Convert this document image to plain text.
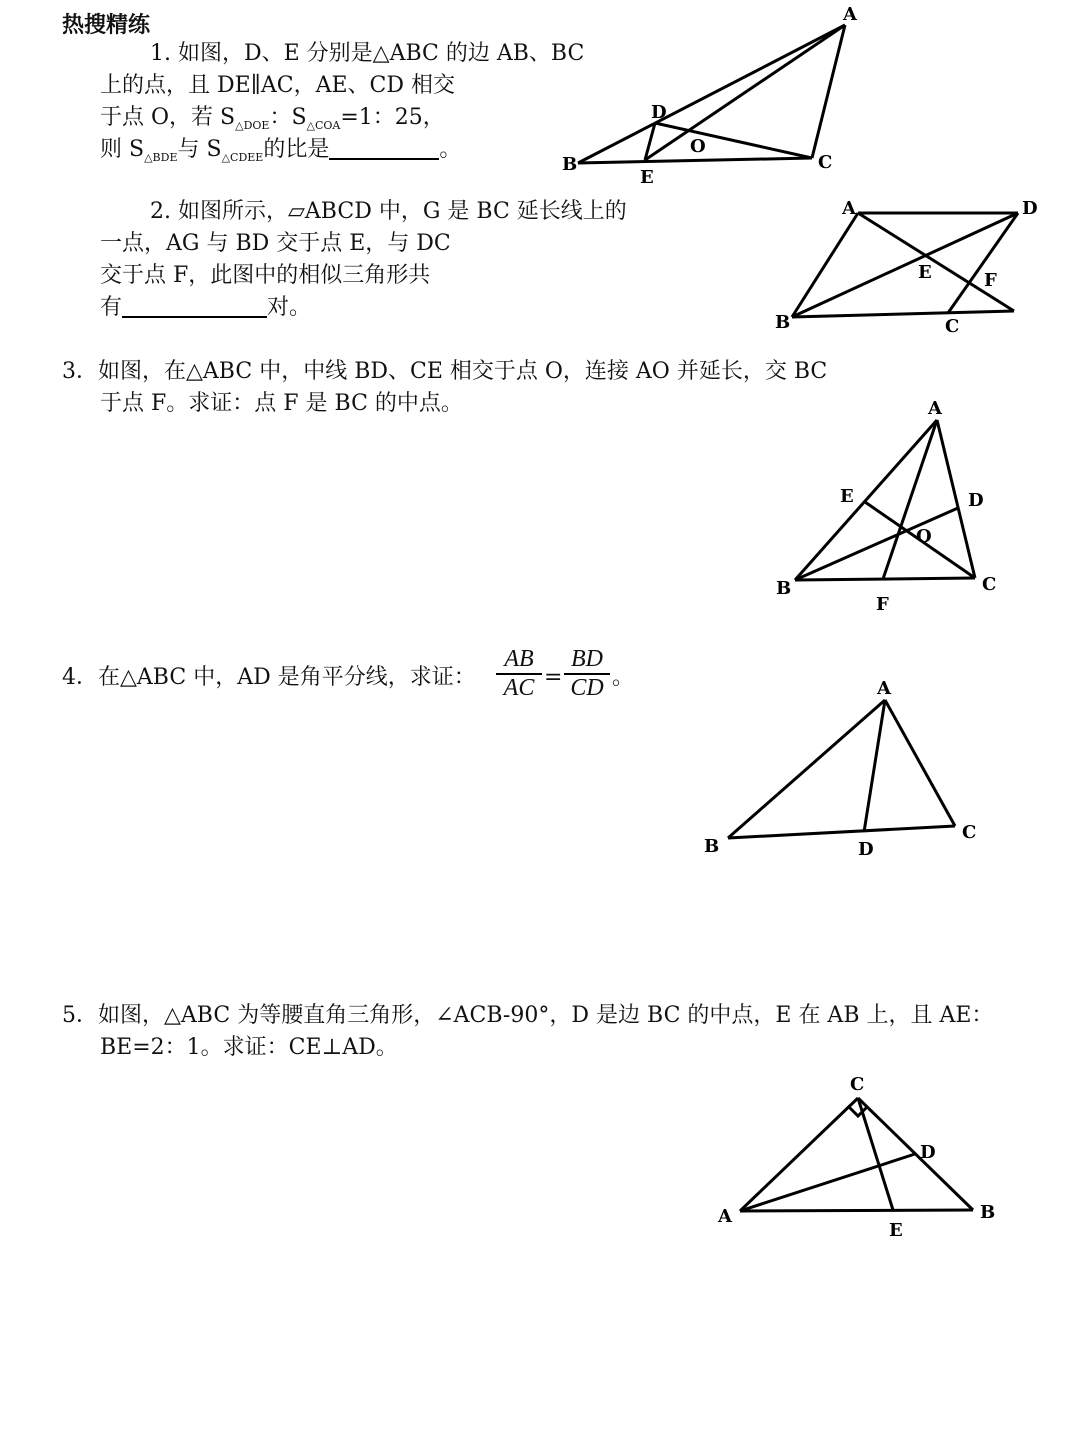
热搜精练
1. 如图，D、E 分别是△ABC 的边 AB、BC
上的点，且 DE∥AC，AE、CD 相交
于点 O，若 $S_{\triangle DOE}$：$S_{\triangle COA}=1$：25，
则 $S_{\triangle BDE}$与 $S_{\triangle CDEE}$的比是	。
A
B	C
D
E
O
2. 如图所示，▱ABCD 中，G 是 BC 延长线上的
一点，AG 与 BD 交于点 E，与 DC
交于点 F，此图中的相似三角形共
有	对。
A	D
B	C
E	F
3．如图，在△ABC 中，中线 BD、CE 相交于点 O，连接 AO 并延长，交 BC
于点 F。求证：点 F 是 BC 的中点。	A
B	C
D
E
F
O
4．在△ABC 中，AD 是角平分线，求证： $\frac{AB}{AC} = \frac{BD}{CD}$ 。	A
B
C
D
5．如图，△ABC 为等腰直角三角形，∠ACB-90°，D 是边 BC 的中点，E 在 AB 上，且 AE：
BE=2：1。求证：CE⊥AD。
C
A	B
D
E
